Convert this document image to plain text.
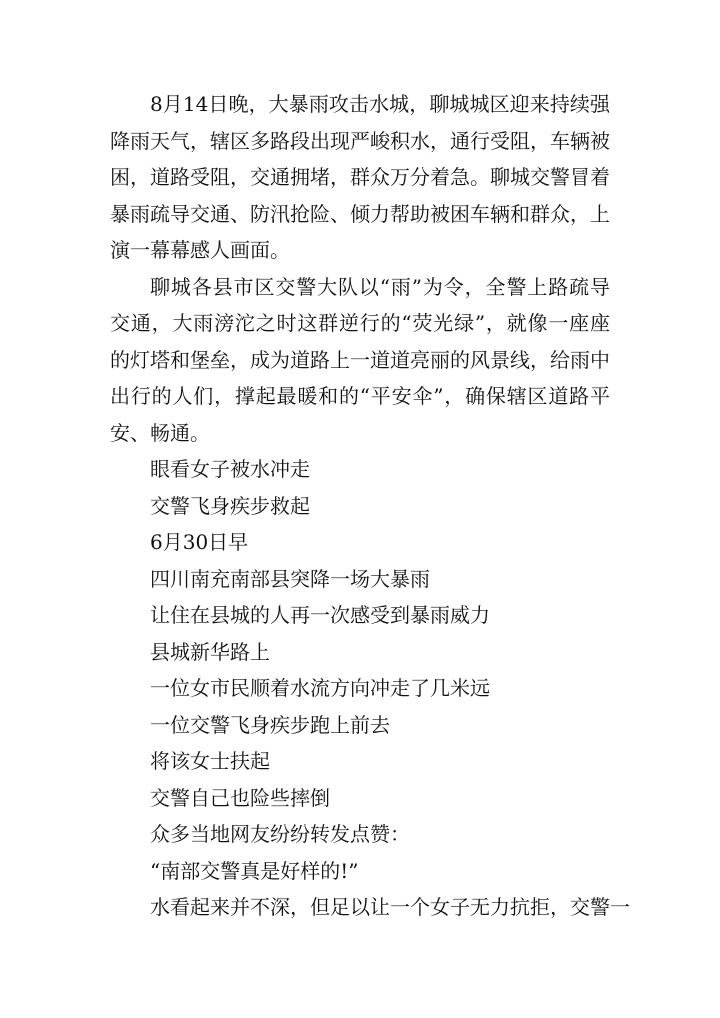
8月14日晚，大暴雨攻击水城，聊城城区迎来持续强降雨天气，辖区多路段出现严峻积水，通行受阻，车辆被困，道路受阻，交通拥堵，群众万分着急。聊城交警冒着暴雨疏导交通、防汛抢险、倾力帮助被困车辆和群众，上演一幕幕感人画面。

聊城各县市区交警大队以“雨”为令，全警上路疏导交通，大雨滂沱之时这群逆行的“荧光绿”，就像一座座的灯塔和堡垒，成为道路上一道道亮丽的风景线，给雨中出行的人们，撑起最暖和的“平安伞”，确保辖区道路平安、畅通。

眼看女子被水冲走

交警飞身疾步救起

6月30日早

四川南充南部县突降一场大暴雨

让住在县城的人再一次感受到暴雨威力

县城新华路上

一位女市民顺着水流方向冲走了几米远

一位交警飞身疾步跑上前去

将该女士扶起

交警自己也险些摔倒

众多当地网友纷纷转发点赞：

“南部交警真是好样的!”

水看起来并不深，但足以让一个女子无力抗拒，交警一
